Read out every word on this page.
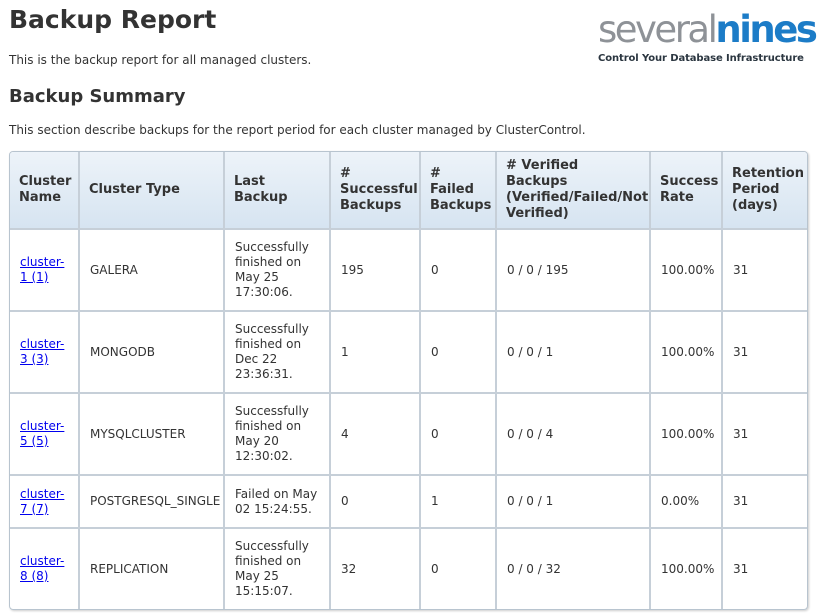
Backup Report

This is the backup report for all managed clusters.

severalnines
Control Your Database Infrastructure
Backup Summary

This section describe backups for the report period for each cluster managed by ClusterControl.

Cluster Name	Cluster Type	Last Backup	# Successful Backups	# Failed Backups	# Verified Backups (Verified/Failed/Not Verified)	Success Rate	Retention Period (days)
cluster-1 (1)	GALERA	Successfully finished on May 25 17:30:06.	195	0	0 / 0 / 195	100.00%	31
cluster-3 (3)	MONGODB	Successfully finished on Dec 22 23:36:31.	1	0	0 / 0 / 1	100.00%	31
cluster-5 (5)	MYSQLCLUSTER	Successfully finished on May 20 12:30:02.	4	0	0 / 0 / 4	100.00%	31
cluster-7 (7)	POSTGRESQL_SINGLE	Failed on May 02 15:24:55.	0	1	0 / 0 / 1	0.00%	31
cluster-8 (8)	REPLICATION	Successfully finished on May 25 15:15:07.	32	0	0 / 0 / 32	100.00%	31
